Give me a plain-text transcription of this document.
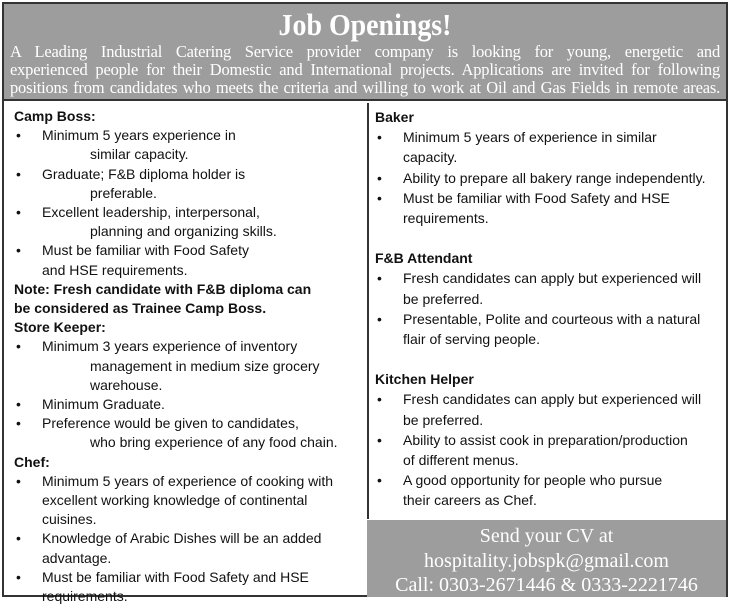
Job Openings!
A Leading Industrial Catering Service provider company is looking for young, energetic and
experienced people for their Domestic and International projects. Applications are invited for following
positions from candidates who meets the criteria and willing to work at Oil and Gas Fields in remote areas.
Camp Boss:
• Minimum 5 years experience in
similar capacity.
• Graduate; F&B diploma holder is
preferable.
• Excellent leadership, interpersonal,
planning and organizing skills.
• Must be familiar with Food Safety
and HSE requirements.
Note: Fresh candidate with F&B diploma can
be considered as Trainee Camp Boss.
Store Keeper:
• Minimum 3 years experience of inventory
management in medium size grocery
warehouse.
• Minimum Graduate.
• Preference would be given to candidates,
who bring experience of any food chain.
Chef:
• Minimum 5 years of experience of cooking with
excellent working knowledge of continental
cuisines.
• Knowledge of Arabic Dishes will be an added
advantage.
• Must be familiar with Food Safety and HSE
requirements.
Baker
• Minimum 5 years of experience in similar
capacity.
• Ability to prepare all bakery range independently.
• Must be familiar with Food Safety and HSE
requirements.
F&B Attendant
• Fresh candidates can apply but experienced will
be preferred.
• Presentable, Polite and courteous with a natural
flair of serving people.
Kitchen Helper
• Fresh candidates can apply but experienced will
be preferred.
• Ability to assist cook in preparation/production
of different menus.
• A good opportunity for people who pursue
their careers as Chef.
Send your CV at
hospitality.jobspk@gmail.com
Call: 0303-2671446 & 0333-2221746
